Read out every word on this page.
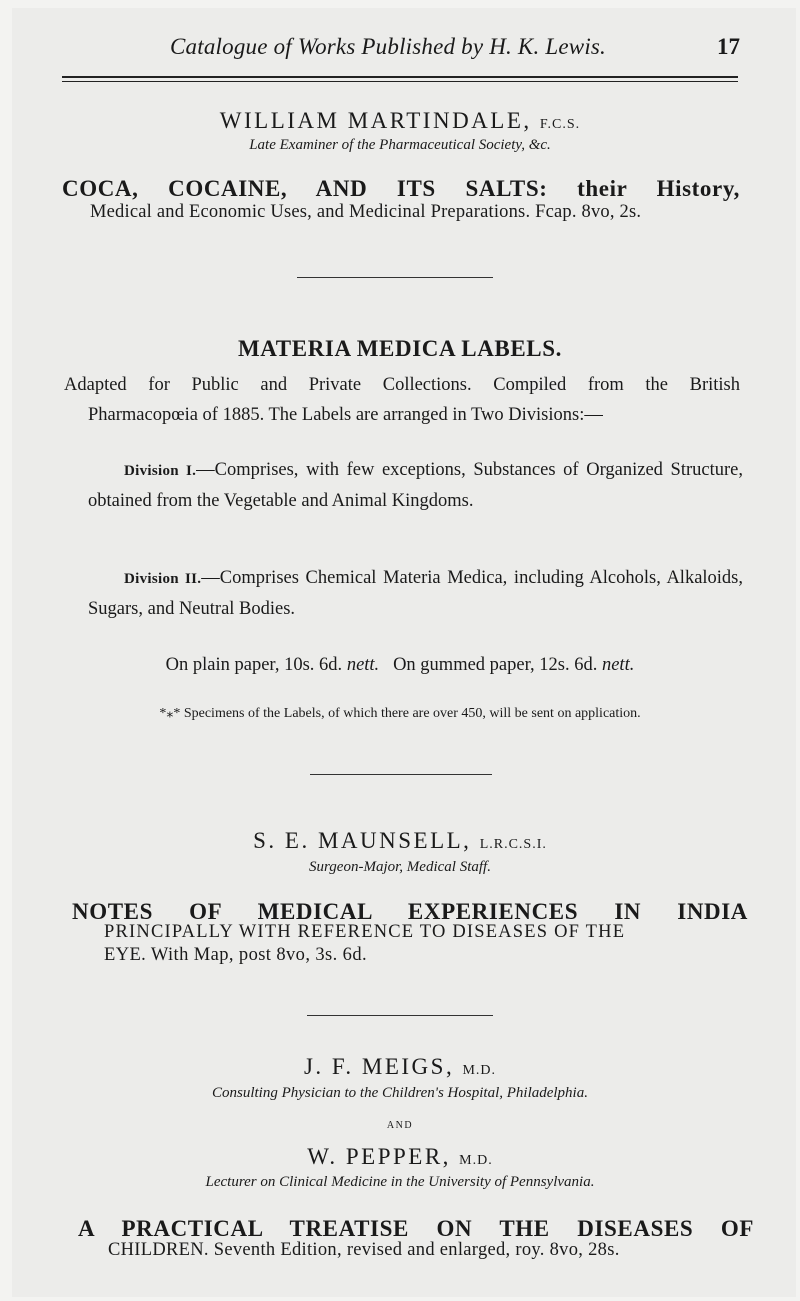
Catalogue of Works Published by H. K. Lewis.	17
WILLIAM MARTINDALE, F.C.S.
Late Examiner of the Pharmaceutical Society, &c.
COCA, COCAINE, AND ITS SALTS: their History,
Medical and Economic Uses, and Medicinal Preparations. Fcap. 8vo, 2s.
MATERIA MEDICA LABELS.
Adapted for Public and Private Collections. Compiled from the British
Pharmacopœia of 1885. The Labels are arranged in Two Divisions:—
Division I.—Comprises, with few exceptions, Substances of Organized Structure, obtained from the Vegetable and Animal Kingdoms.
Division II.—Comprises Chemical Materia Medica, including Alcohols, Alkaloids, Sugars, and Neutral Bodies.
On plain paper, 10s. 6d. nett. On gummed paper, 12s. 6d. nett.
*⁎* Specimens of the Labels, of which there are over 450, will be sent on application.
S. E. MAUNSELL, L.R.C.S.I.
Surgeon-Major, Medical Staff.
NOTES OF MEDICAL EXPERIENCES IN INDIA
PRINCIPALLY WITH REFERENCE TO DISEASES OF THE
EYE. With Map, post 8vo, 3s. 6d.
J. F. MEIGS, M.D.
Consulting Physician to the Children's Hospital, Philadelphia.
AND
W. PEPPER, M.D.
Lecturer on Clinical Medicine in the University of Pennsylvania.
A PRACTICAL TREATISE ON THE DISEASES OF
CHILDREN. Seventh Edition, revised and enlarged, roy. 8vo, 28s.
